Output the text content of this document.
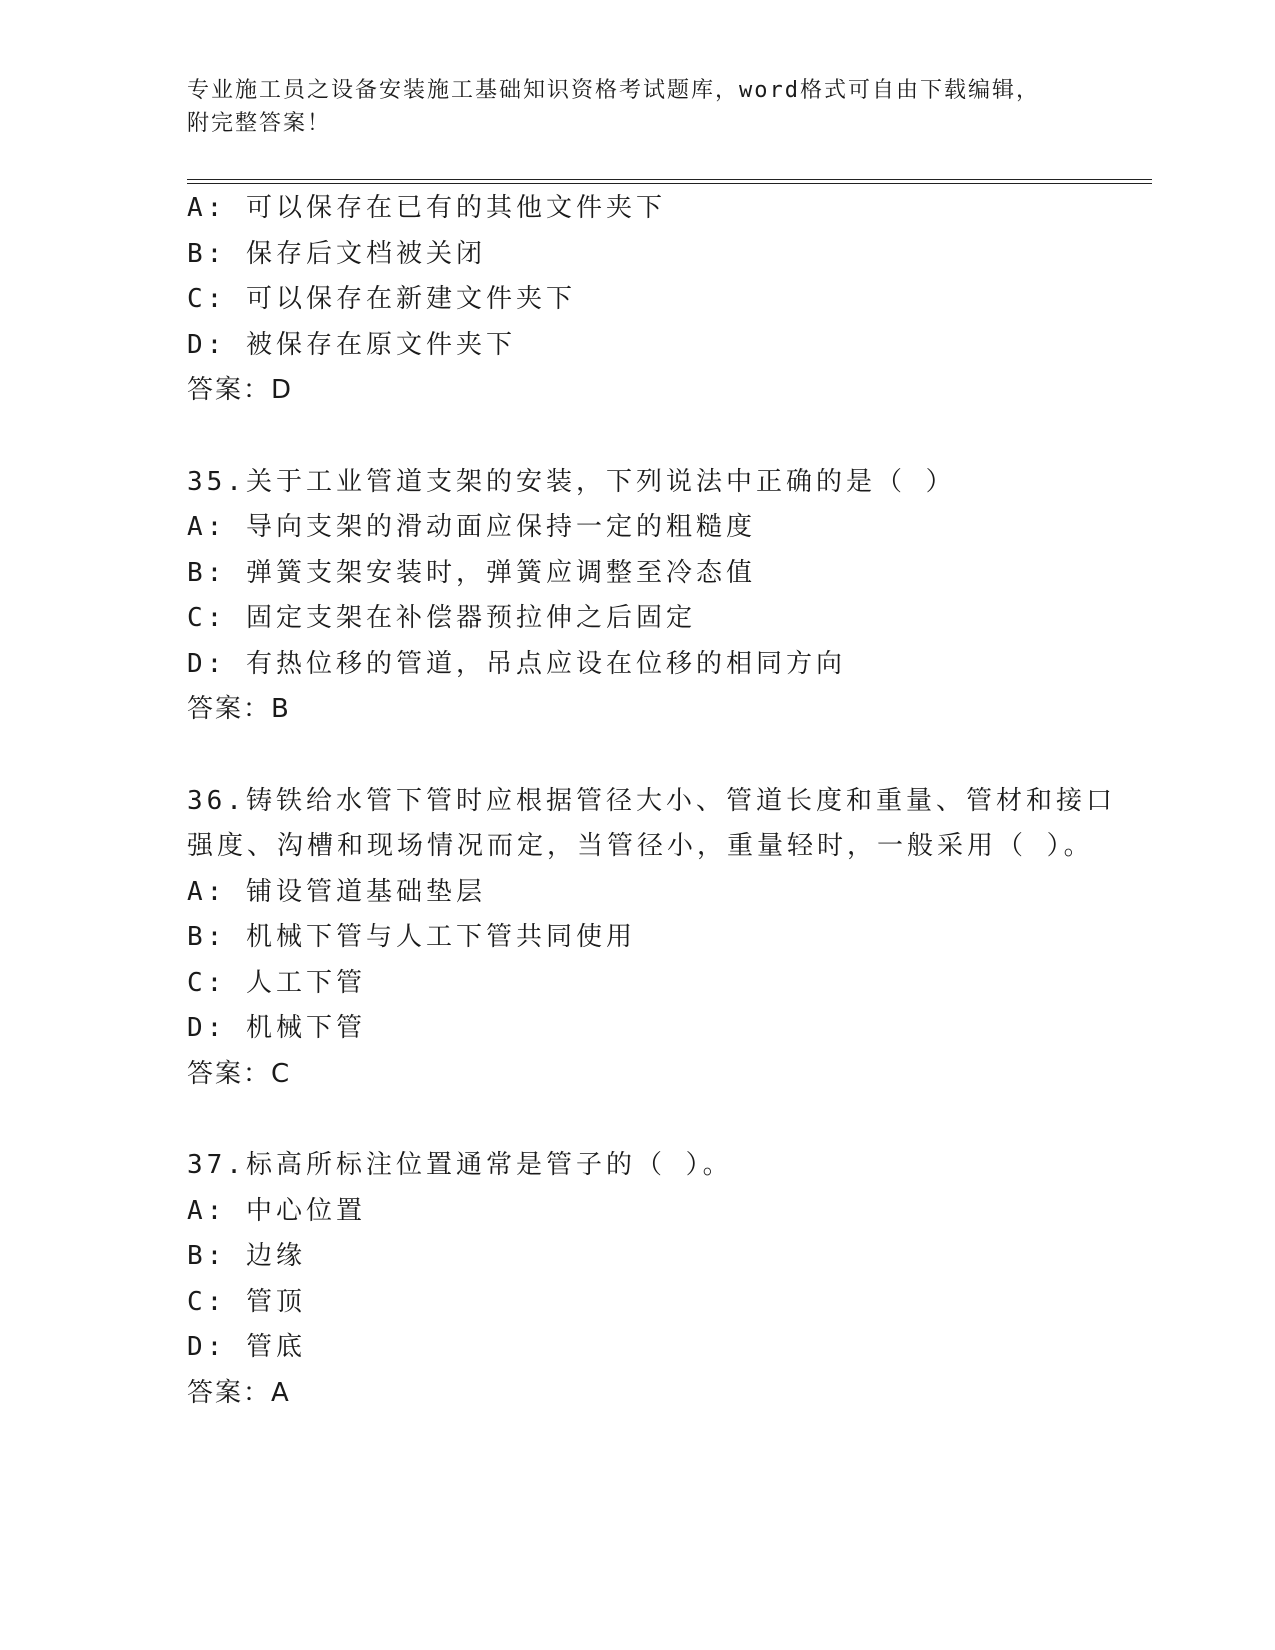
专业施工员之设备安装施工基础知识资格考试题库，word格式可自由下载编辑，
附完整答案！
A: 可以保存在已有的其他文件夹下
B: 保存后文档被关闭
C: 可以保存在新建文件夹下
D: 被保存在原文件夹下
答案：D
35.关于工业管道支架的安装，下列说法中正确的是（ ）
A: 导向支架的滑动面应保持一定的粗糙度
B: 弹簧支架安装时，弹簧应调整至冷态值
C: 固定支架在补偿器预拉伸之后固定
D: 有热位移的管道，吊点应设在位移的相同方向
答案：B
36.铸铁给水管下管时应根据管径大小、管道长度和重量、管材和接口
强度、沟槽和现场情况而定，当管径小，重量轻时，一般采用（ ）。
A: 铺设管道基础垫层
B: 机械下管与人工下管共同使用
C: 人工下管
D: 机械下管
答案：C
37.标高所标注位置通常是管子的（ ）。
A: 中心位置
B: 边缘
C: 管顶
D: 管底
答案：A
